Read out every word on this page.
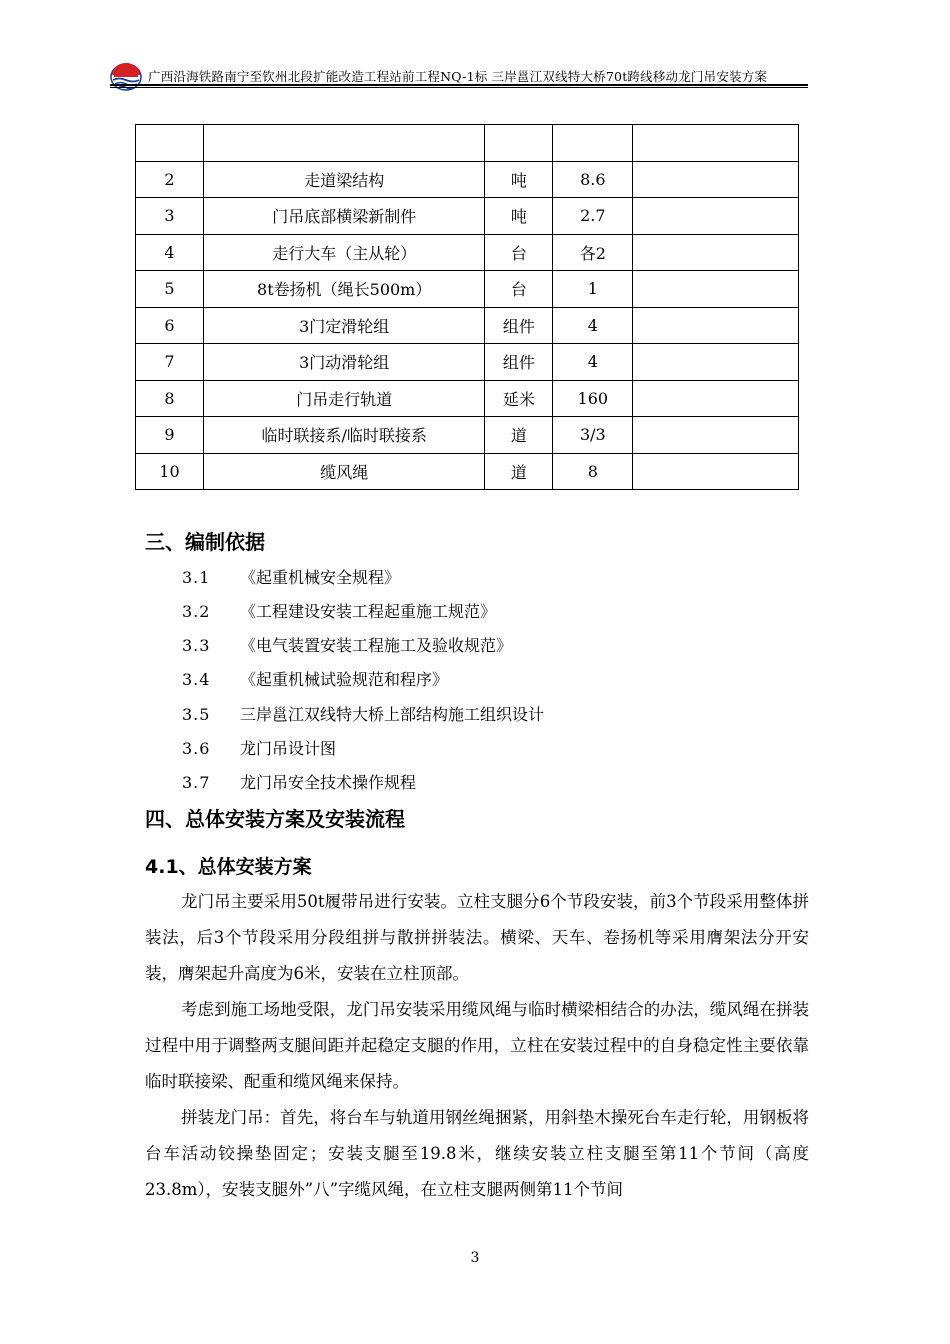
广西沿海铁路南宁至钦州北段扩能改造工程站前工程NQ-1标 三岸邕江双线特大桥70t跨线移动龙门吊安装方案

2	走道梁结构	吨	8.6	
3	门吊底部横梁新制件	吨	2.7	
4	走行大车（主从轮）	台	各2	
5	8t卷扬机（绳长500m）	台	1	
6	3门定滑轮组	组件	4	
7	3门动滑轮组	组件	4	
8	门吊走行轨道	延米	160	
9	临时联接系/临时联接系	道	3/3	
10	缆风绳	道	8	
三、编制依据
3.1 《起重机械安全规程》
3.2 《工程建设安装工程起重施工规范》
3.3 《电气装置安装工程施工及验收规范》
3.4 《起重机械试验规范和程序》
3.5 三岸邕江双线特大桥上部结构施工组织设计
3.6 龙门吊设计图
3.7 龙门吊安全技术操作规程
四、总体安装方案及安装流程
4.1、总体安装方案
龙门吊主要采用50t履带吊进行安装。立柱支腿分6个节段安装，前3个节段采用整体拼装法，后3个节段采用分段组拼与散拼拼装法。横梁、天车、卷扬机等采用膺架法分开安装，膺架起升高度为6米，安装在立柱顶部。
考虑到施工场地受限，龙门吊安装采用缆风绳与临时横梁相结合的办法，缆风绳在拼装过程中用于调整两支腿间距并起稳定支腿的作用，立柱在安装过程中的自身稳定性主要依靠临时联接梁、配重和缆风绳来保持。
拼装龙门吊：首先，将台车与轨道用钢丝绳捆紧，用斜垫木操死台车走行轮，用钢板将台车活动铰操垫固定；安装支腿至19.8米，继续安装立柱支腿至第11个节间（高度23.8m），安装支腿外”八”字缆风绳，在立柱支腿两侧第11个节间
3
